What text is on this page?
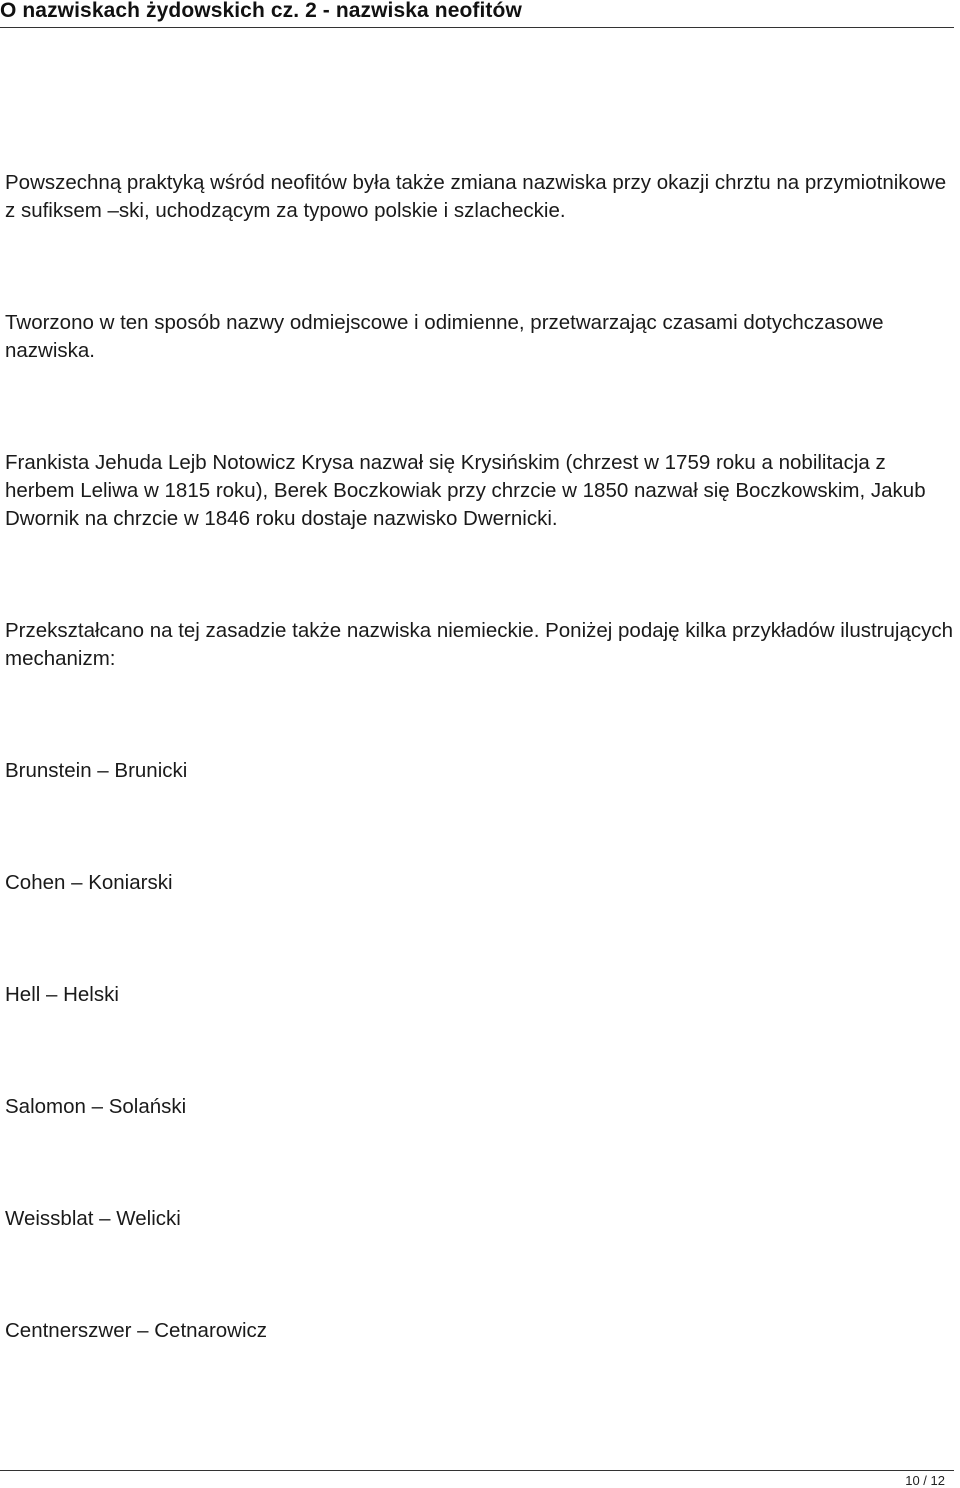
O nazwiskach żydowskich cz. 2 - nazwiska neofitów

Powszechną praktyką wśród neofitów była także zmiana nazwiska przy okazji chrztu na przymiotnikowe z sufiksem –ski, uchodzącym za typowo polskie i szlacheckie.

Tworzono w ten sposób nazwy odmiejscowe i odimienne, przetwarzając czasami dotychczasowe nazwiska.

Frankista Jehuda Lejb Notowicz Krysa nazwał się Krysińskim (chrzest w 1759 roku a nobilitacja z herbem Leliwa w 1815 roku), Berek Boczkowiak przy chrzcie w 1850 nazwał się Boczkowskim, Jakub Dwornik na chrzcie w 1846 roku dostaje nazwisko Dwernicki.

Przekształcano na tej zasadzie także nazwiska niemieckie. Poniżej podaję kilka przykładów ilustrujących mechanizm:

Brunstein – Brunicki

Cohen – Koniarski

Hell – Helski

Salomon – Solański

Weissblat – Welicki

Centnerszwer – Cetnarowicz

10 / 12
